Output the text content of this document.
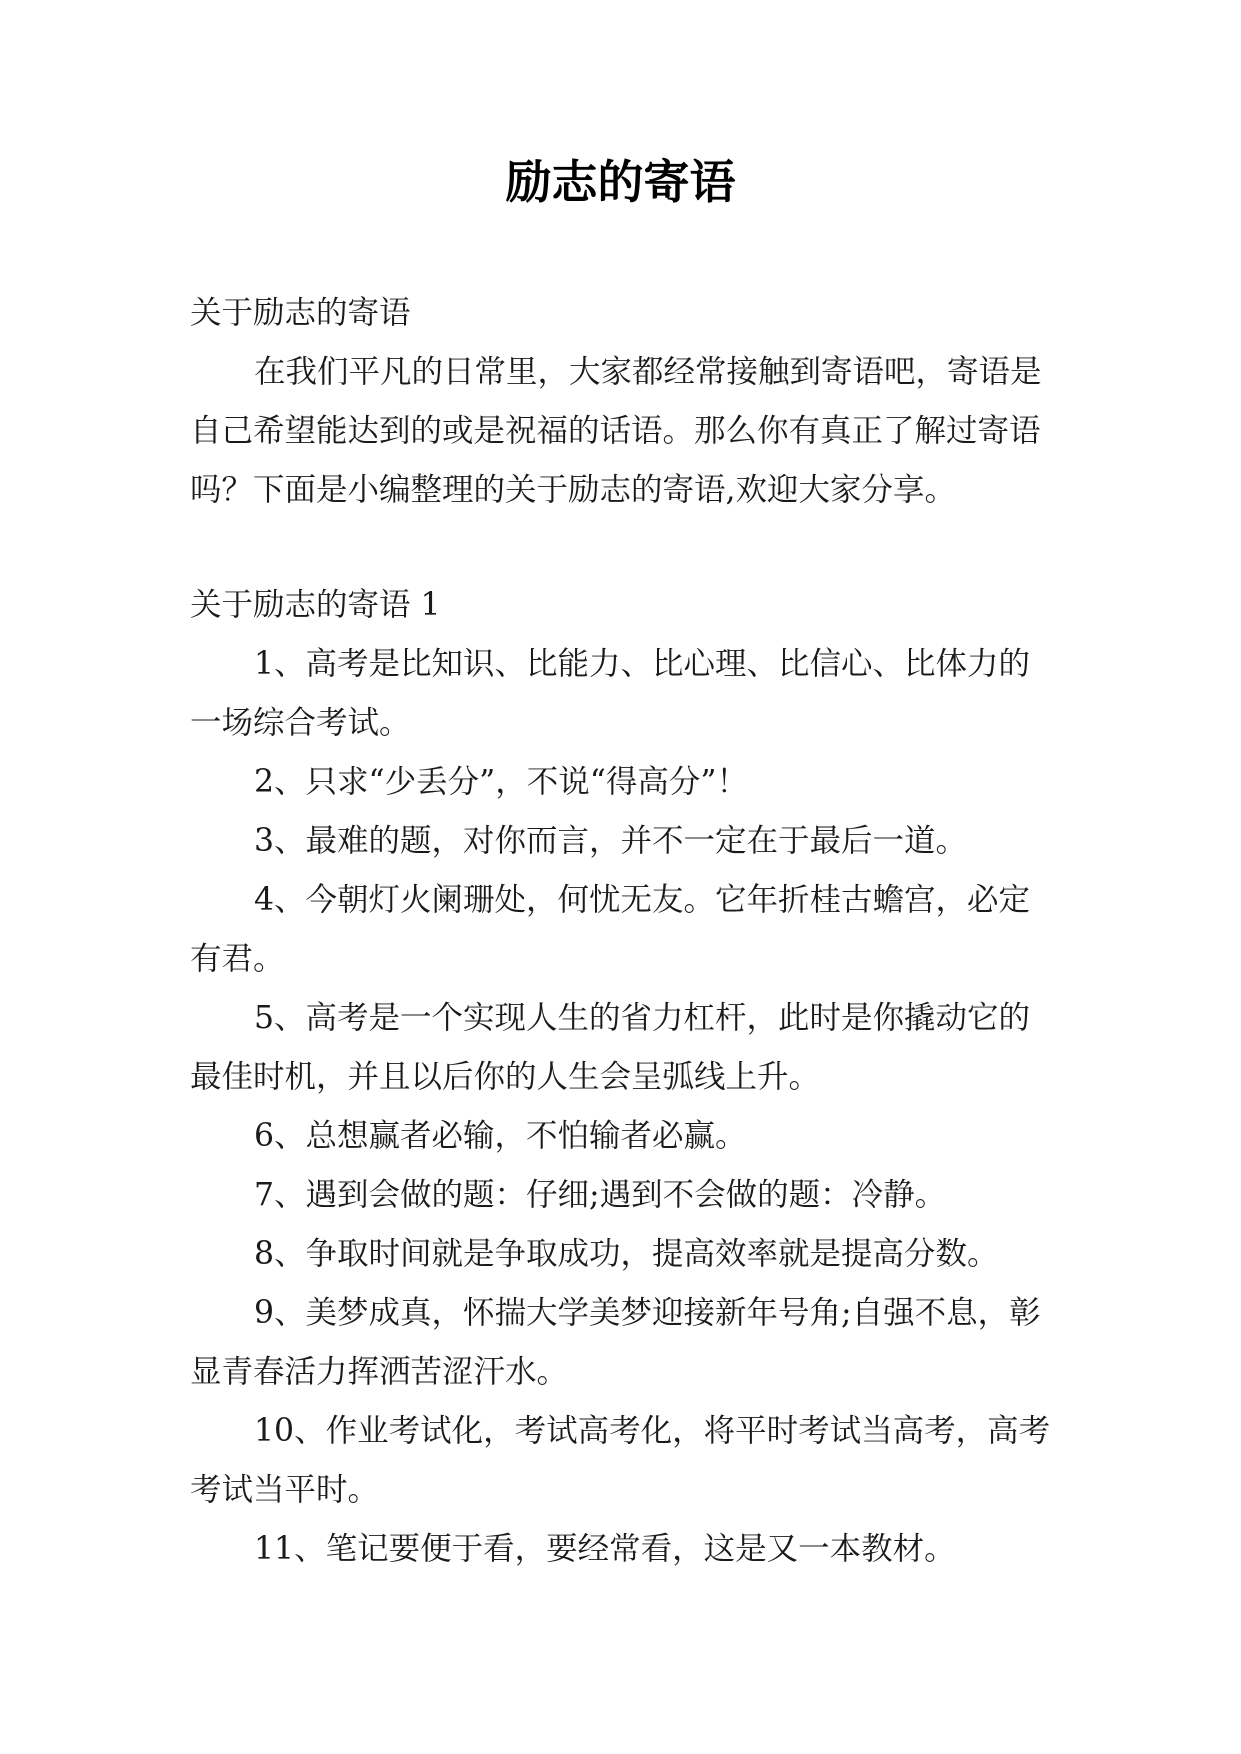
励志的寄语

关于励志的寄语

在我们平凡的日常里，大家都经常接触到寄语吧，寄语是自己希望能达到的或是祝福的话语。那么你有真正了解过寄语吗？下面是小编整理的关于励志的寄语,欢迎大家分享。

关于励志的寄语 1

1、高考是比知识、比能力、比心理、比信心、比体力的一场综合考试。

2、只求“少丢分”，不说“得高分”！

3、最难的题，对你而言，并不一定在于最后一道。

4、今朝灯火阑珊处，何忧无友。它年折桂古蟾宫，必定有君。

5、高考是一个实现人生的省力杠杆，此时是你撬动它的最佳时机，并且以后你的人生会呈弧线上升。

6、总想赢者必输，不怕输者必赢。

7、遇到会做的题：仔细;遇到不会做的题：冷静。

8、争取时间就是争取成功，提高效率就是提高分数。

9、美梦成真，怀揣大学美梦迎接新年号角;自强不息，彰显青春活力挥洒苦涩汗水。

10、作业考试化，考试高考化，将平时考试当高考，高考考试当平时。

11、笔记要便于看，要经常看，这是又一本教材。
